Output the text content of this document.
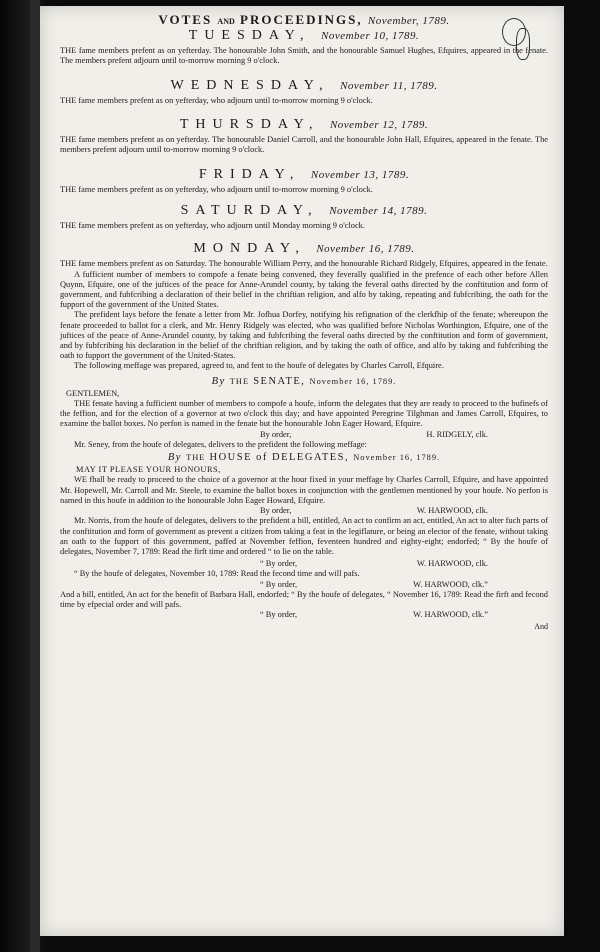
VOTES AND PROCEEDINGS, November, 1789.
TUESDAY, November 10, 1789.

THE fame members prefent as on yefterday. The honourable John Smith, and the honourable Samuel Hughes, Efquires, appeared in the fenate. The members prefent adjourn until to-morrow morning 9 o'clock.

WEDNESDAY, November 11, 1789.

THE fame members prefent as on yefterday, who adjourn until to-morrow morning 9 o'clock.

THURSDAY, November 12, 1789.

THE fame members prefent as on yefterday. The honourable Daniel Carroll, and the honourable John Hall, Efquires, appeared in the fenate. The members prefent adjourn until to-morrow morning 9 o'clock.

FRIDAY, November 13, 1789.

THE fame members prefent as on yefterday, who adjourn until to-morrow morning 9 o'clock.

SATURDAY, November 14, 1789.

THE fame members prefent as on yefterday, who adjourn until Monday morning 9 o'clock.

MONDAY, November 16, 1789.

THE fame members prefent as on Saturday. The honourable William Perry, and the honourable Richard Ridgely, Efquires, appeared in the fenate.

A fufficient number of members to compofe a fenate being convened, they feverally qualified in the prefence of each other before Allen Quynn, Efquire, one of the juftices of the peace for Anne-Arundel county, by taking the feveral oaths directed by the conftitution and form of government, and fubfcribing a declaration of their belief in the chriftian religion, and alfo by taking, repeating and fubfcribing, the oath for the fupport of the government of the United States.

The prefident lays before the fenate a letter from Mr. Jofhua Dorfey, notifying his refignation of the clerkfhip of the fenate; whereupon the fenate proceeded to ballot for a clerk, and Mr. Henry Ridgely was elected, who was qualified before Nicholas Worthington, Efquire, one of the juftices of the peace of Anne-Arundel county, by taking and fubfcribing the feveral oaths directed by the conftitution and form of government, and by fubfcribing his declaration in the belief of the chriftian religion, and by taking the oath of office, and alfo by taking and fubfcribing the oath to fupport the government of the United-States.

The following meffage was prepared, agreed to, and fent to the houfe of delegates by Charles Carroll, Efquire.

By THE SENATE, November 16, 1789.
GENTLEMEN,

THE fenate having a fufficient number of members to compofe a houfe, inform the delegates that they are ready to proceed to the bufinefs of the feffion, and for the election of a governor at two o'clock this day; and have appointed Peregrine Tilghman and James Carroll, Efquires, to examine the ballot boxes. No perfon is named in the fenate but the honourable John Eager Howard, Efquire.

By order,	H. RIDGELY, clk.

Mr. Seney, from the houfe of delegates, delivers to the prefident the following meffage:

By THE HOUSE of DELEGATES, November 16, 1789.
MAY IT PLEASE YOUR HONOURS,

WE fhall be ready to proceed to the choice of a governor at the hour fixed in your meffage by Charles Carroll, Efquire, and have appointed Mr. Hopewell, Mr. Carroll and Mr. Steele, to examine the ballot boxes in conjunction with the gentlemen mentioned by your houfe. No perfon is named in this houfe in addition to the honourable John Eager Howard, Efquire.

By order,	W. HARWOOD, clk.

Mr. Norris, from the houfe of delegates, delivers to the prefident a bill, entitled, An act to confirm an act, entitled, An act to alter fuch parts of the conftitution and form of government as prevent a citizen from taking a feat in the legiflature, or being an elector of the fenate, without taking an oath to the fupport of this government, paffed at November feffion, feventeen hundred and eighty-eight; endorfed; “ By the houfe of delegates, November 7, 1789: Read the firft time and ordered “ to lie on the table.

“ By order,	W. HARWOOD, clk.

“ By the houfe of delegates, November 10, 1789: Read the fecond time and will pafs.

“ By order,	W. HARWOOD, clk.”

And a bill, entitled, An act for the benefit of Barbara Hall, endorfed; “ By the houfe of delegates, “ November 16, 1789: Read the firft and fecond time by efpecial order and will pafs.

“ By order,	W. HARWOOD, clk.”
And
